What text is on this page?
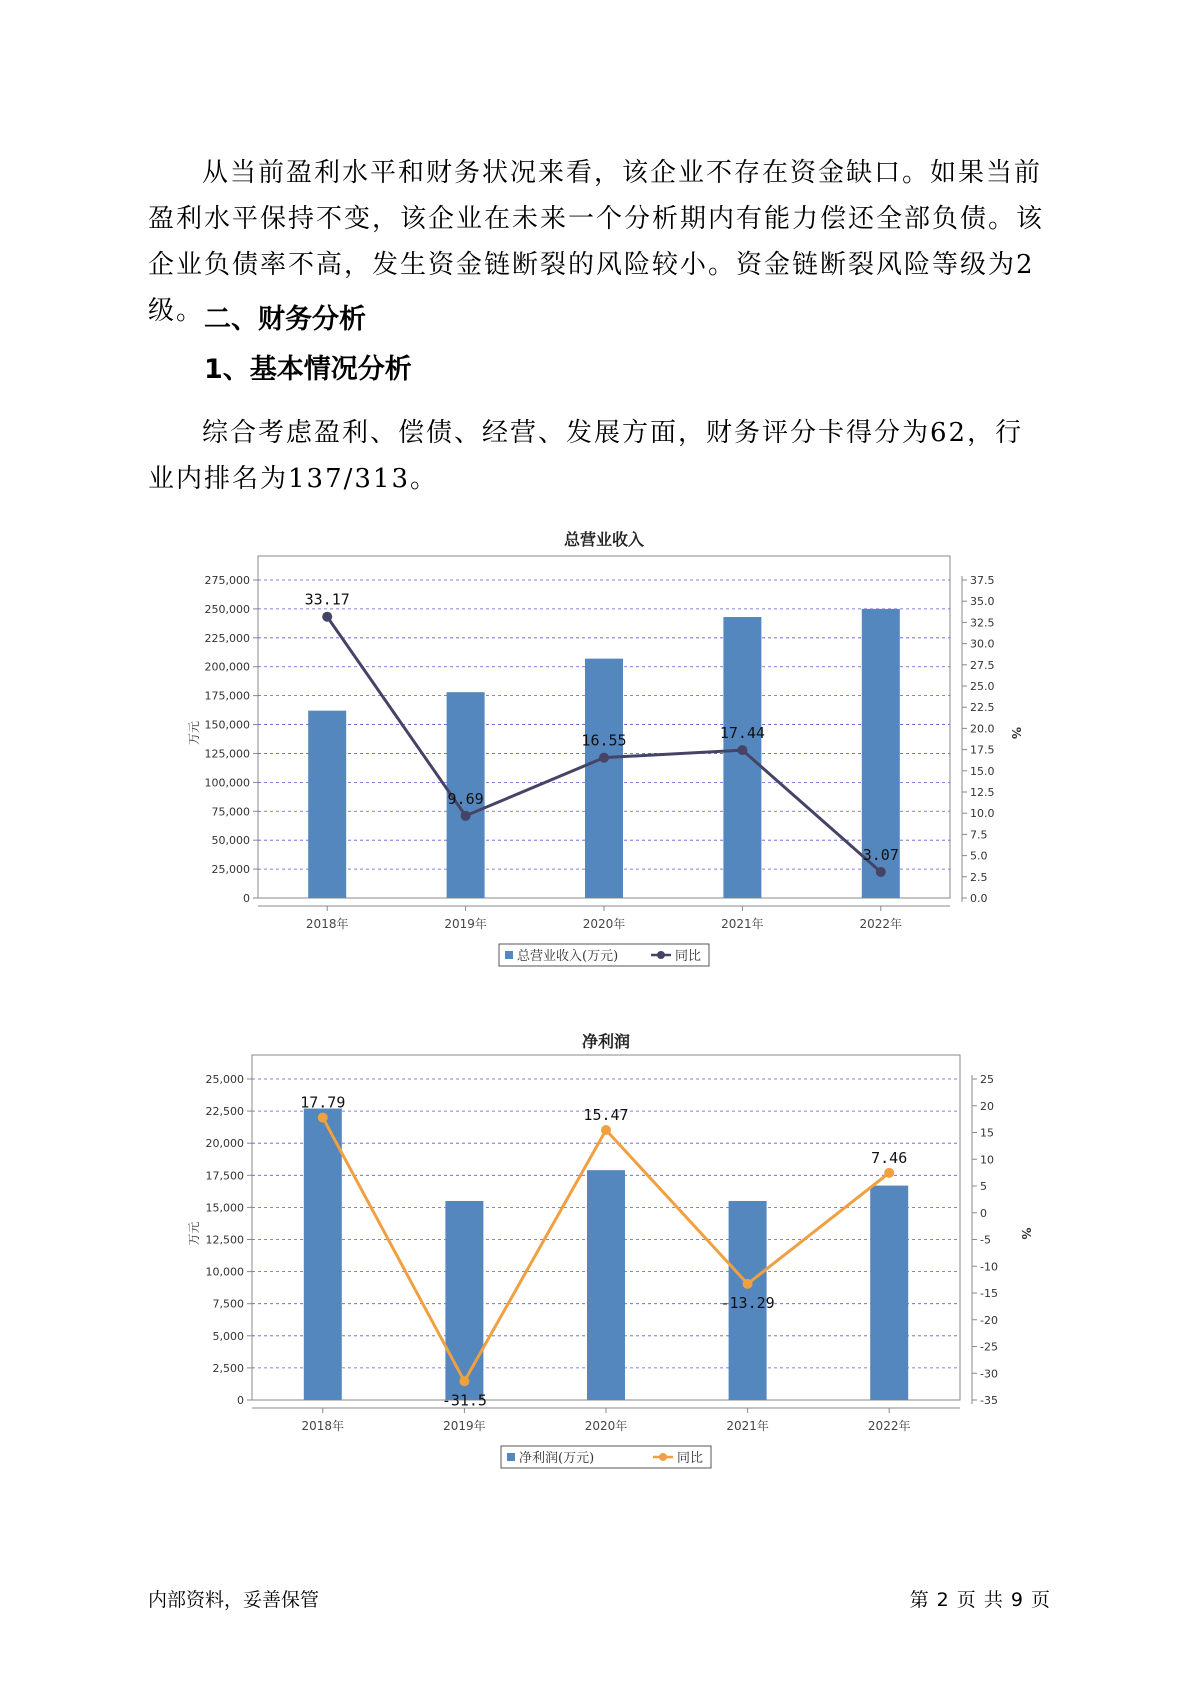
从当前盈利水平和财务状况来看，该企业不存在资金缺口。如果当前盈利水平保持不变，该企业在未来一个分析期内有能力偿还全部负债。该企业负债率不高，发生资金链断裂的风险较小。资金链断裂风险等级为2级。 二、财务分析
1、基本情况分析

综合考虑盈利、偿债、经营、发展方面，财务评分卡得分为62，行业内排名为137/313。

总营业收入
0
25,000
50,000
75,000
100,000
125,000
150,000
175,000
200,000
225,000
250,000
275,000
0.0
2.5
5.0
7.5
10.0
12.5
15.0
17.5
20.0
22.5
25.0
27.5
30.0
32.5
35.0
37.5
万元	%
2018年	2019年	2020年	2021年	2022年
33.17
9.69
16.55	17.44
3.07
总营业收入(万元)	同比
净利润
0
2,500
5,000
7,500
10,000
12,500
15,000
17,500
20,000
22,500
25,000
-35
-30
-25
-20
-15
-10
-5
0
5
10
15
20
25
万元	%
2018年	2019年	2020年	2021年	2022年
17.79
-31.5
15.47
-13.29
7.46
净利润(万元)	同比
内部资料，妥善保管	第 2 页 共 9 页
